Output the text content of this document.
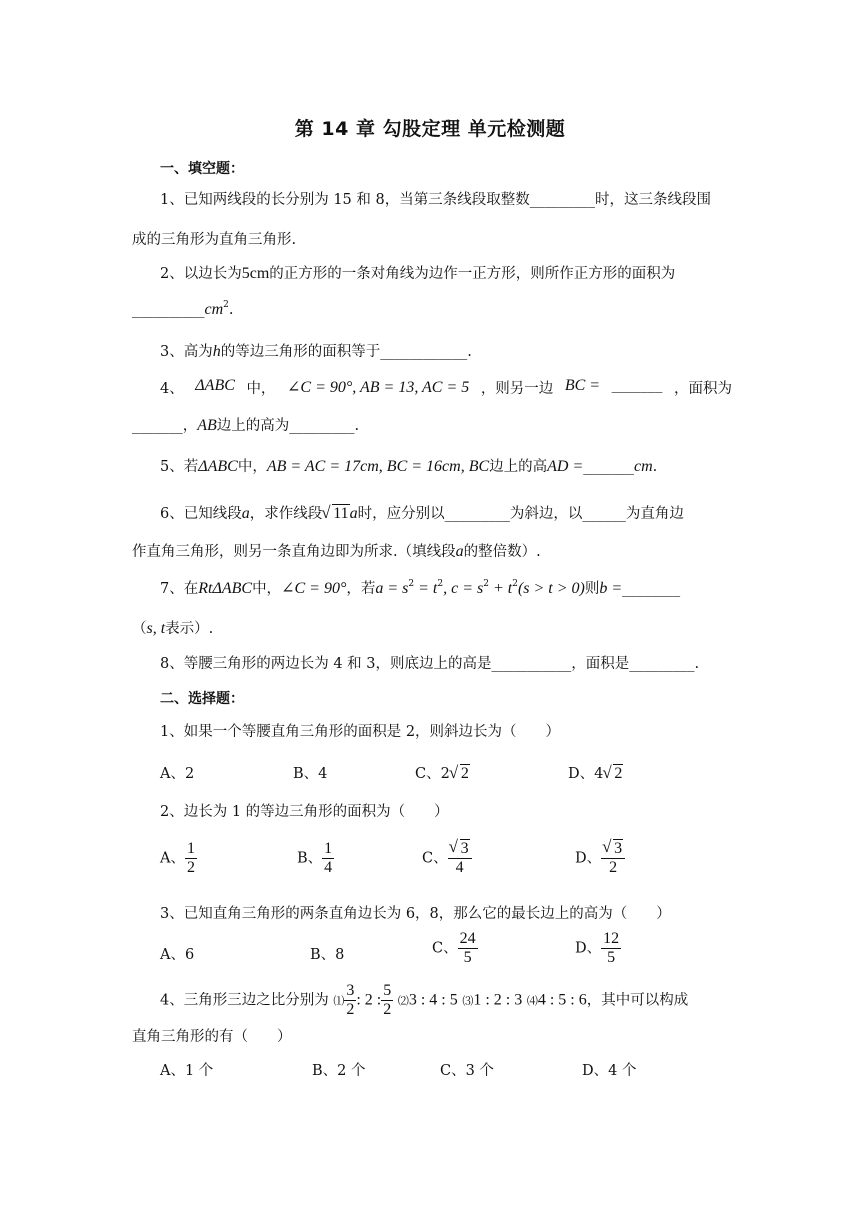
第 14 章 勾股定理 单元检测题
一、填空题：
1、已知两线段的长分别为 15 和 8，当第三条线段取整数_________时，这三条线段围
成的三角形为直角三角形.
2、以边长为5cm的正方形的一条对角线为边作一正方形，则所作正方形的面积为
$\_\_\_\_\_\_\_\_\_\_cm^2$.
3、高为h的等边三角形的面积等于____________.
4、 ΔABC 中， ∠C = 90°, AB = 13, AC = 5 ，则另一边 BC = _______ ，面积为
_______，AB边上的高为_________.
5、若ΔABC中，AB = AC = 17cm, BC = 16cm, BC边上的高AD =_______cm.
6、已知线段a，求作线段 √ 11a时，应分别以_________为斜边，以______为直角边
作直角三角形，则另一条直角边即为所求.（填线段a的整倍数）.
7、在RtΔABC中，∠C = 90°，若$a = s^2 = t^2$, $c = s^2 + t^2(s > t > 0)$则b =________
（s, t表示）.
8、等腰三角形的两边长为 4 和 3，则底边上的高是___________，面积是_________.
二、选择题：
1、如果一个等腰直角三角形的面积是 2，则斜边长为（　　）
A、2	B、4	C、2 √ 2	D、4 √ 2
2、边长为 1 的等边三角形的面积为（　　）
A、 $\frac{1}{2}$	B、 $\frac{1}{4}$	C、 √ $\frac{3}{4}$	D、 √ $\frac{3}{2}$
3、已知直角三角形的两条直角边长为 6，8，那么它的最长边上的高为（　　）
A、6	B、8	C、 $\frac{24}{5}$	D、 $\frac{12}{5}$
4、三角形三边之比分别为 ⑴ $\frac{3}{2}$ : 2 : $\frac{5}{2}$ ⑵3 : 4 : 5 ⑶1 : 2 : 3 ⑷4 : 5 : 6，其中可以构成
直角三角形的有（　　）
A、1 个	B、2 个	C、3 个	D、4 个
